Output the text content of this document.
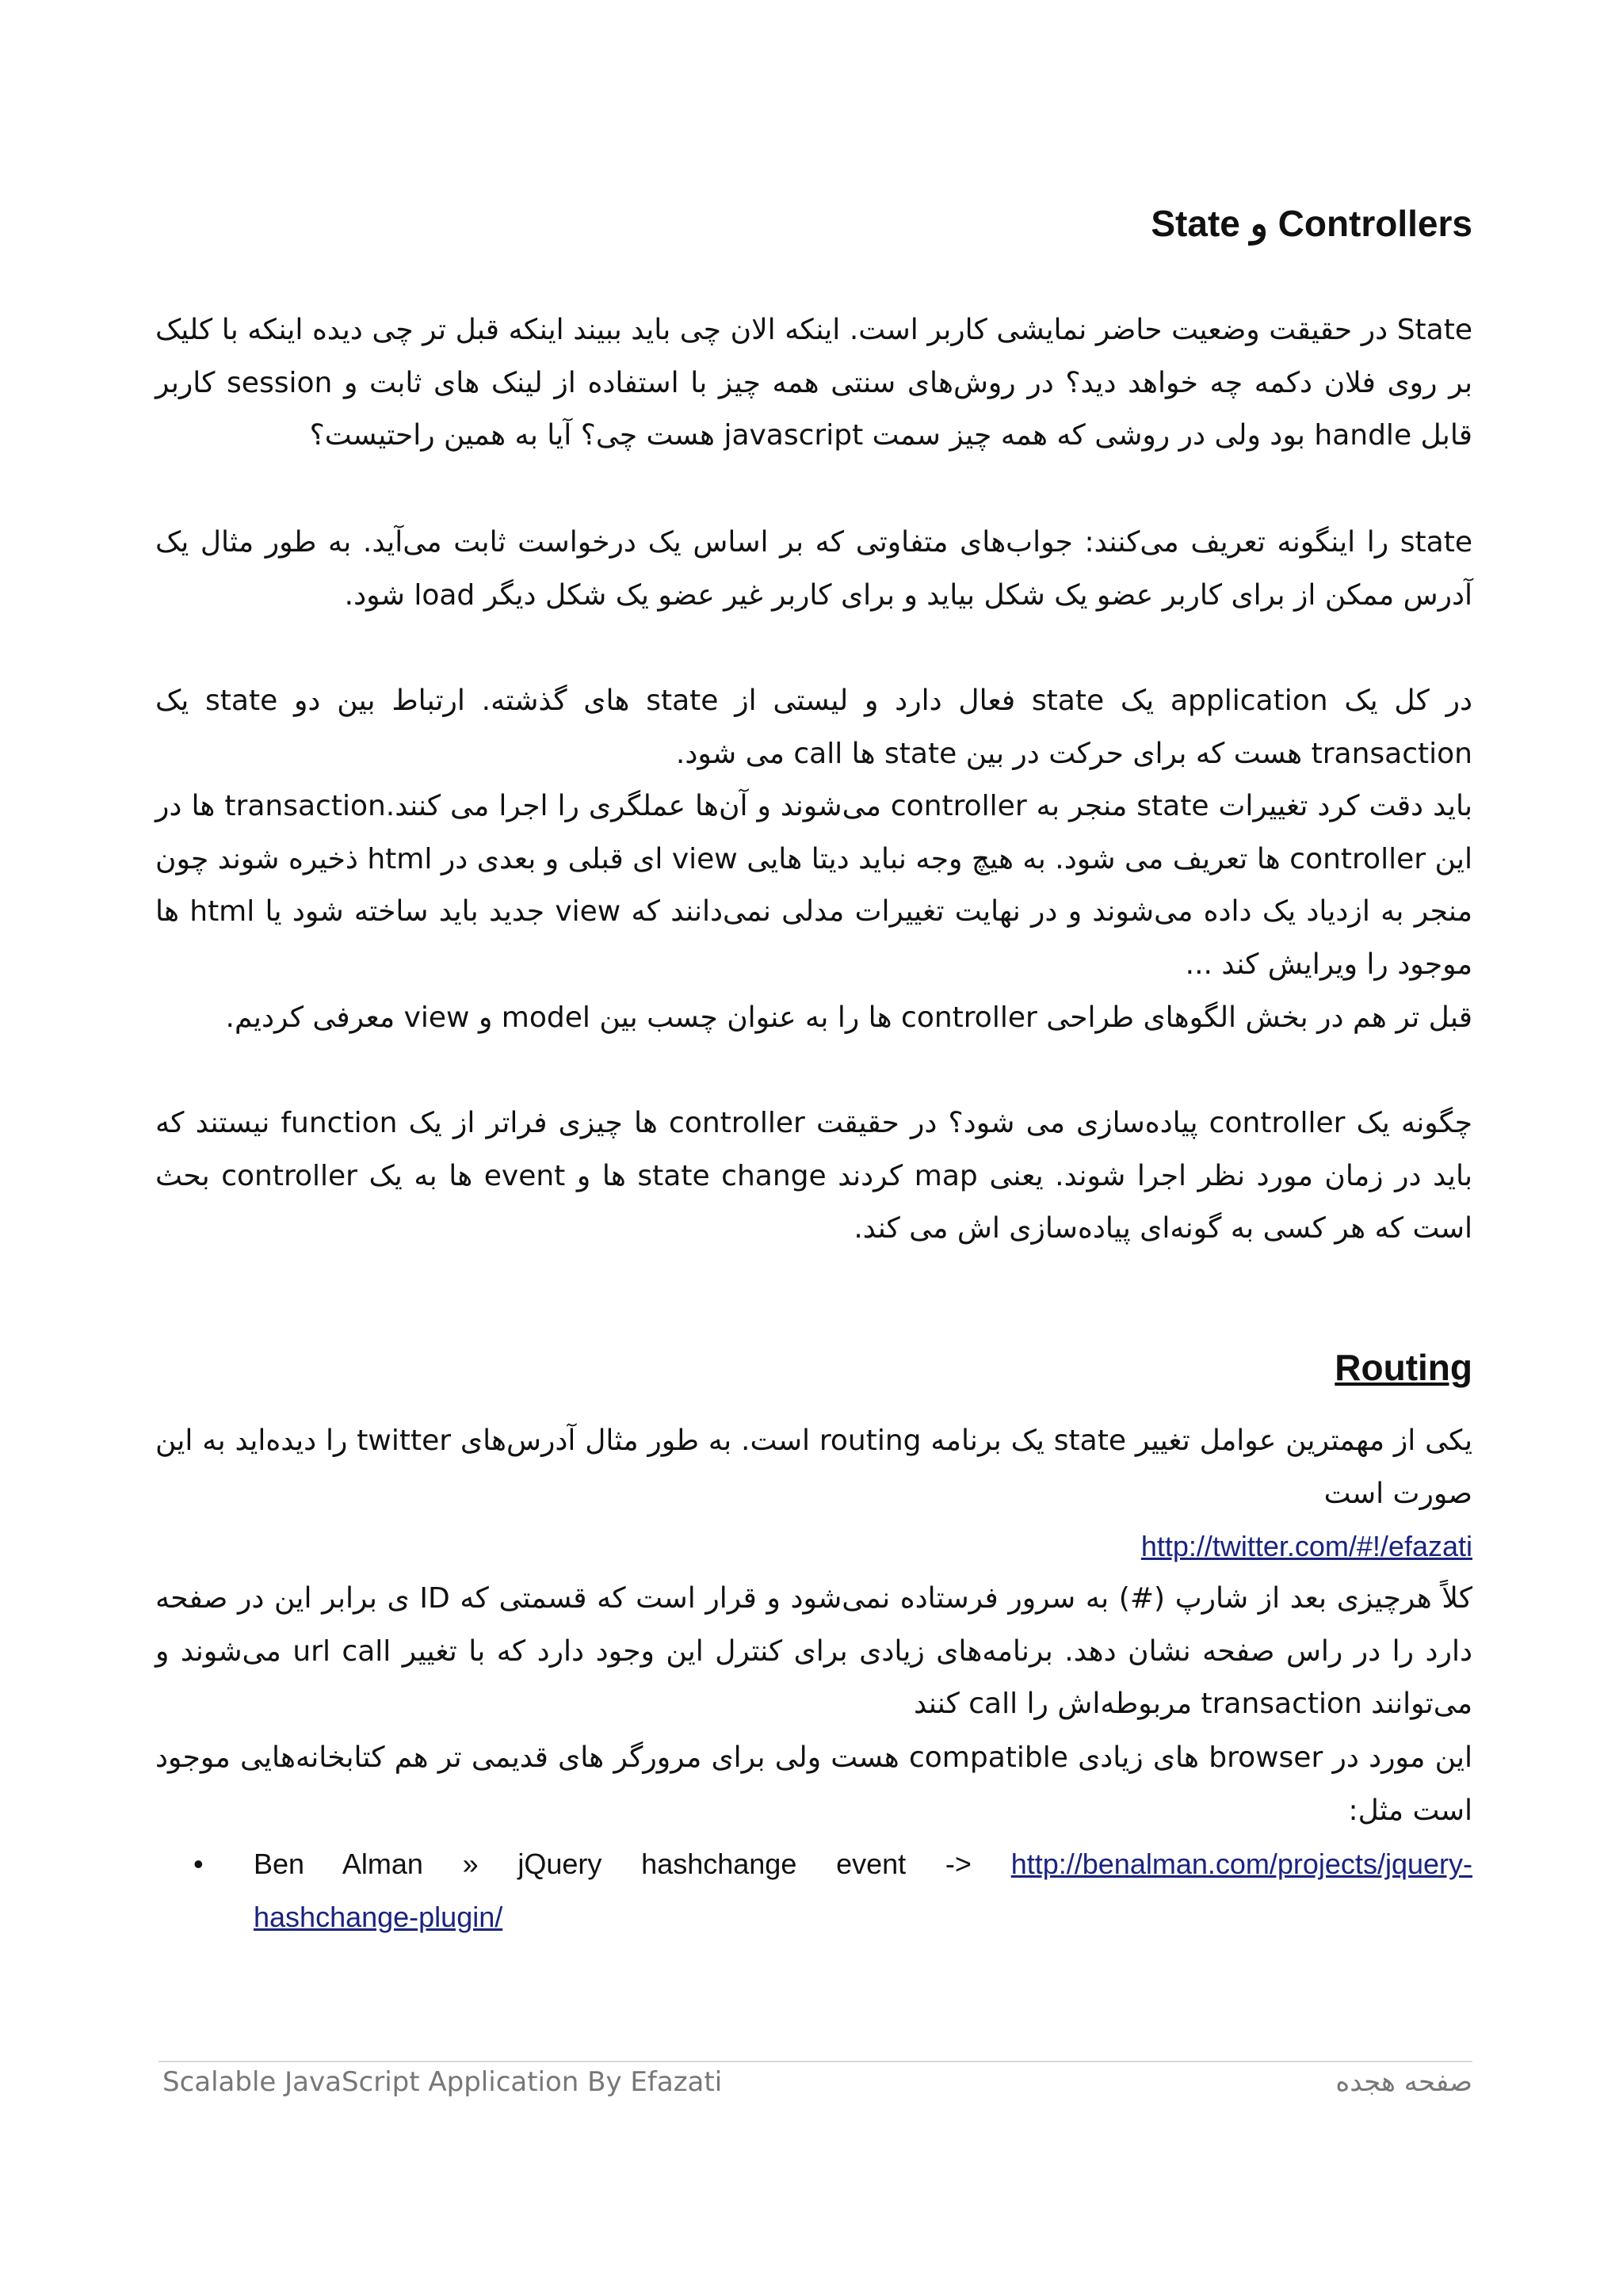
Controllers و State

State در حقیقت وضعیت حاضر نمایشی کاربر است. اینکه الان چی باید ببیند اینکه قبل تر چی دیده اینکه با کلیک بر روی فلان دکمه چه خواهد دید؟ در روش‌های سنتی همه چیز با استفاده از لینک های ثابت و session کاربر قابل handle بود ولی در روشی که همه چیز سمت javascript هست چی؟ آیا به همین راحتیست؟

state را اینگونه تعریف می‌کنند: جواب‌های متفاوتی که بر اساس یک درخواست ثابت می‌آید. به طور مثال یک آدرس ممکن از برای کاربر عضو یک شکل بیاید و برای کاربر غیر عضو یک شکل دیگر load شود.

در کل یک application یک state فعال دارد و لیستی از state های گذشته. ارتباط بین دو state یک transaction هست که برای حرکت در بین state ها call می شود.

باید دقت کرد تغییرات state منجر به controller می‌شوند و آن‌ها عملگری را اجرا می کنند.transaction ها در این controller ها تعریف می شود. به هیچ وجه نباید دیتا هایی view ای قبلی و بعدی در html ذخیره شوند چون منجر به ازدیاد یک داده می‌شوند و در نهایت تغییرات مدلی نمی‌دانند که view جدید باید ساخته شود یا html ها موجود را ویرایش کند ...

قبل تر هم در بخش الگوهای طراحی controller ها را به عنوان چسب بین model و view معرفی کردیم.

چگونه یک controller پیاده‌سازی می شود؟ در حقیقت controller ها چیزی فراتر از یک function نیستند که باید در زمان مورد نظر اجرا شوند. یعنی map کردند state change ها و event ها به یک controller بحث است که هر کسی به گونه‌ای پیاده‌سازی اش می کند.

Routing

یکی از مهمترین عوامل تغییر state یک برنامه routing است. به طور مثال آدرس‌های twitter را دیده‌اید به این صورت است

http://twitter.com/#!/efazati

کلاً هرچیزی بعد از شارپ (#) به سرور فرستاده نمی‌شود و قرار است که قسمتی که ID ی برابر این در صفحه دارد را در راس صفحه نشان دهد. برنامه‌های زیادی برای کنترل این وجود دارد که با تغییر url call می‌شوند و می‌توانند transaction مربوطه‌اش را call کنند

این مورد در browser های زیادی compatible هست ولی برای مرورگر های قدیمی تر هم کتابخانه‌هایی موجود است مثل:

• Ben Alman » jQuery hashchange event -> http://benalman.com/projects/jquery-hashchange-plugin/
Scalable JavaScript Application By Efazati	صفحه هجده
